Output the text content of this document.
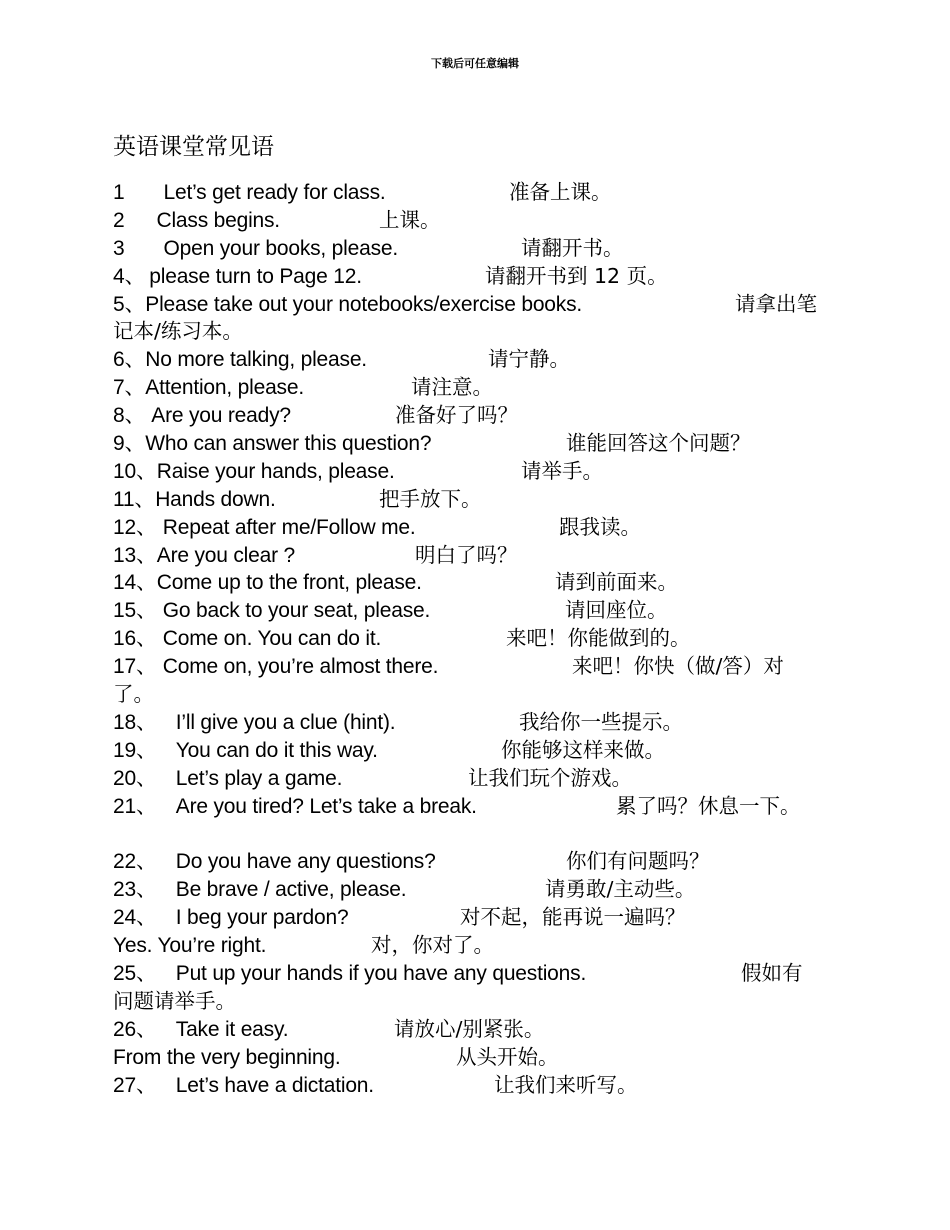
下载后可任意编辑
英语课堂常见语
1 Let’s get ready for class.	准备上课。
2 Class begins.	上课。
3 Open your books, please.	请翻开书。
4、 please turn to Page 12.	请翻开书到 12 页。
5、Please take out your notebooks/exercise books.	请拿出笔
记本/练习本。
6、No more talking, please.	请宁静。
7、Attention, please.	请注意。
8、 Are you ready?	准备好了吗？
9、Who can answer this question?	谁能回答这个问题？
10、Raise your hands, please.	请举手。
11、Hands down.	把手放下。
12、 Repeat after me/Follow me.	跟我读。
13、Are you clear ?	明白了吗？
14、Come up to the front, please.	请到前面来。
15、 Go back to your seat, please.	请回座位。
16、 Come on. You can do it.	来吧！你能做到的。
17、 Come on, you’re almost there.	来吧！你快（做/答）对
了。
18、 I’ll give you a clue (hint).	我给你一些提示。
19、 You can do it this way.	你能够这样来做。
20、 Let’s play a game.	让我们玩个游戏。
21、 Are you tired? Let’s take a break.	累了吗？休息一下。
22、 Do you have any questions?	你们有问题吗？
23、 Be brave / active, please.	请勇敢/主动些。
24、 I beg your pardon?	对不起，能再说一遍吗？
Yes. You’re right.	对，你对了。
25、 Put up your hands if you have any questions.	假如有
问题请举手。
26、 Take it easy.	请放心/别紧张。
From the very beginning.	从头开始。
27、 Let’s have a dictation.	让我们来听写。
